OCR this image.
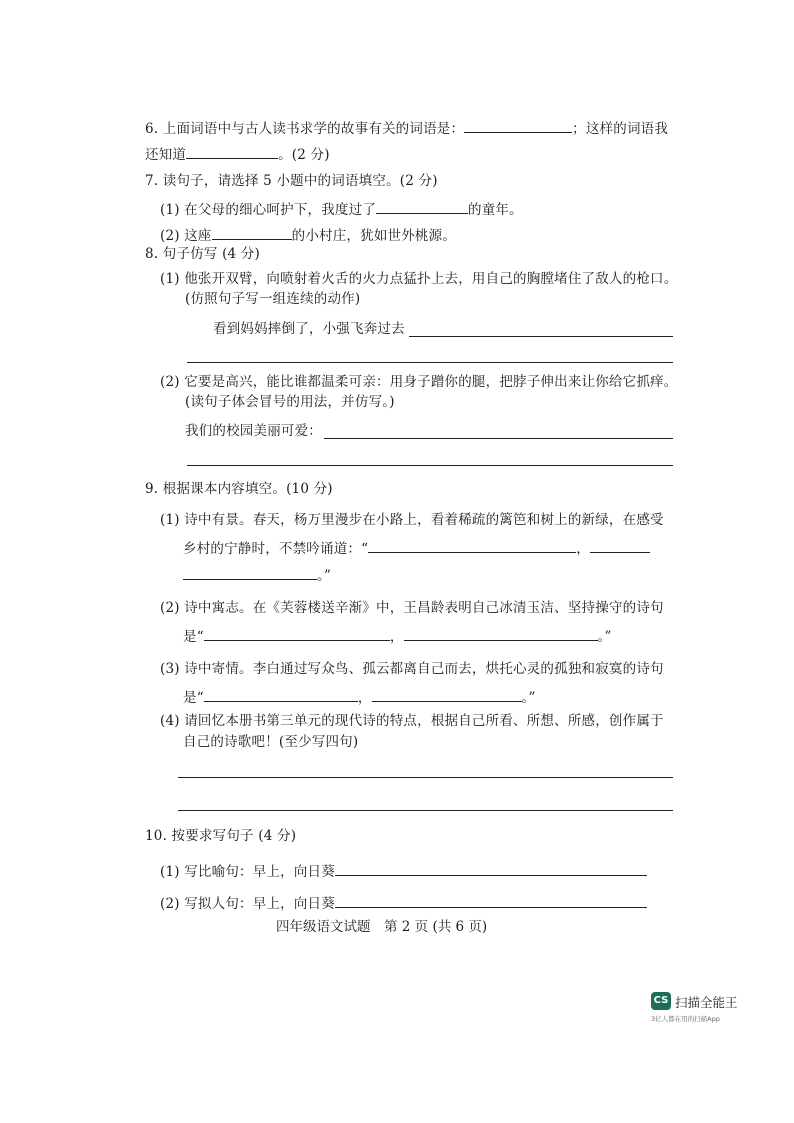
6. 上面词语中与古人读书求学的故事有关的词语是：	；这样的词语我
还知道	。(2 分)
7. 读句子，请选择 5 小题中的词语填空。(2 分)
(1) 在父母的细心呵护下，我度过了	的童年。
(2) 这座	的小村庄，犹如世外桃源。
8. 句子仿写 (4 分)
(1) 他张开双臂，向喷射着火舌的火力点猛扑上去，用自己的胸膛堵住了敌人的枪口。
(仿照句子写一组连续的动作)
看到妈妈摔倒了，小强飞奔过去
(2) 它要是高兴，能比谁都温柔可亲：用身子蹭你的腿，把脖子伸出来让你给它抓痒。
(读句子体会冒号的用法，并仿写。)
我们的校园美丽可爱：
9. 根据课本内容填空。(10 分)
(1) 诗中有景。春天，杨万里漫步在小路上，看着稀疏的篱笆和树上的新绿，在感受
乡村的宁静时，不禁吟诵道：“	，
。”
(2) 诗中寓志。在《芙蓉楼送辛渐》中，王昌龄表明自己冰清玉洁、坚持操守的诗句
是“	，	。”
(3) 诗中寄情。李白通过写众鸟、孤云都离自己而去，烘托心灵的孤独和寂寞的诗句
是“	，	。”
(4) 请回忆本册书第三单元的现代诗的特点，根据自己所看、所想、所感，创作属于
自己的诗歌吧！(至少写四句)
10. 按要求写句子 (4 分)
(1) 写比喻句：早上，向日葵
(2) 写拟人句：早上，向日葵
四年级语文试题　第 2 页 (共 6 页)
CS 扫描全能王
3亿人都在用的扫描App
